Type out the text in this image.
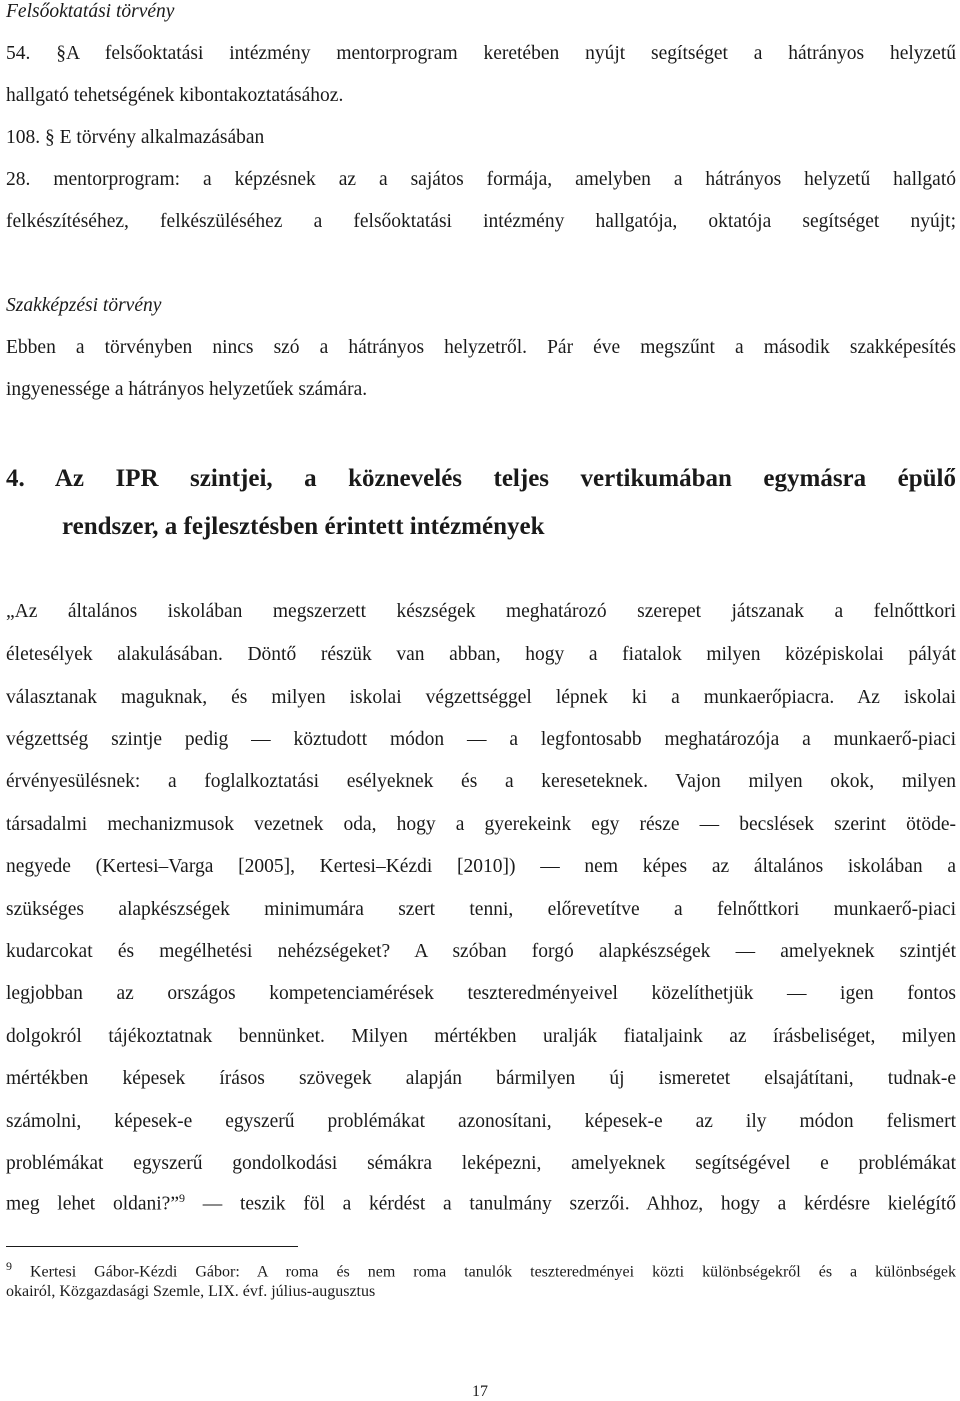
Felsőoktatási törvény
54. §A felsőoktatási intézmény mentorprogram keretében nyújt segítséget a hátrányos helyzetű
hallgató tehetségének kibontakoztatásához.
108. § E törvény alkalmazásában
28. mentorprogram: a képzésnek az a sajátos formája, amelyben a hátrányos helyzetű hallgató
felkészítéséhez, felkészüléséhez a felsőoktatási intézmény hallgatója, oktatója segítséget nyújt;
Szakképzési törvény
Ebben a törvényben nincs szó a hátrányos helyzetről. Pár éve megszűnt a második szakképesítés
ingyenessége a hátrányos helyzetűek számára.
4. Az IPR szintjei, a köznevelés teljes vertikumában egymásra épülő
rendszer, a fejlesztésben érintett intézmények
„Az általános iskolában megszerzett készségek meghatározó szerepet játszanak a felnőttkori
életesélyek alakulásában. Döntő részük van abban, hogy a fiatalok milyen középiskolai pályát
választanak maguknak, és milyen iskolai végzettséggel lépnek ki a munkaerőpiacra. Az iskolai
végzettség szintje pedig — köztudott módon — a legfontosabb meghatározója a munkaerő-piaci
érvényesülésnek: a foglalkoztatási esélyeknek és a kereseteknek. Vajon milyen okok, milyen
társadalmi mechanizmusok vezetnek oda, hogy a gyerekeink egy része — becslések szerint ötöde-
negyede (Kertesi–Varga [2005], Kertesi–Kézdi [2010]) — nem képes az általános iskolában a
szükséges alapkészségek minimumára szert tenni, előrevetítve a felnőttkori munkaerő-piaci
kudarcokat és megélhetési nehézségeket? A szóban forgó alapkészségek — amelyeknek szintjét
legjobban az országos kompetenciamérések teszteredményeivel közelíthetjük — igen fontos
dolgokról tájékoztatnak bennünket. Milyen mértékben uralják fiataljaink az írásbeliséget, milyen
mértékben képesek írásos szövegek alapján bármilyen új ismeretet elsajátítani, tudnak-e
számolni, képesek-e egyszerű problémákat azonosítani, képesek-e az ily módon felismert
problémákat egyszerű gondolkodási sémákra leképezni, amelyeknek segítségével e problémákat
meg lehet oldani?”$^9$ — teszik föl a kérdést a tanulmány szerzői. Ahhoz, hogy a kérdésre kielégítő
$^9$ Kertesi Gábor-Kézdi Gábor: A roma és nem roma tanulók teszteredményei közti különbségekről és a különbségek
okairól, Közgazdasági Szemle, LIX. évf. július-augusztus
17
